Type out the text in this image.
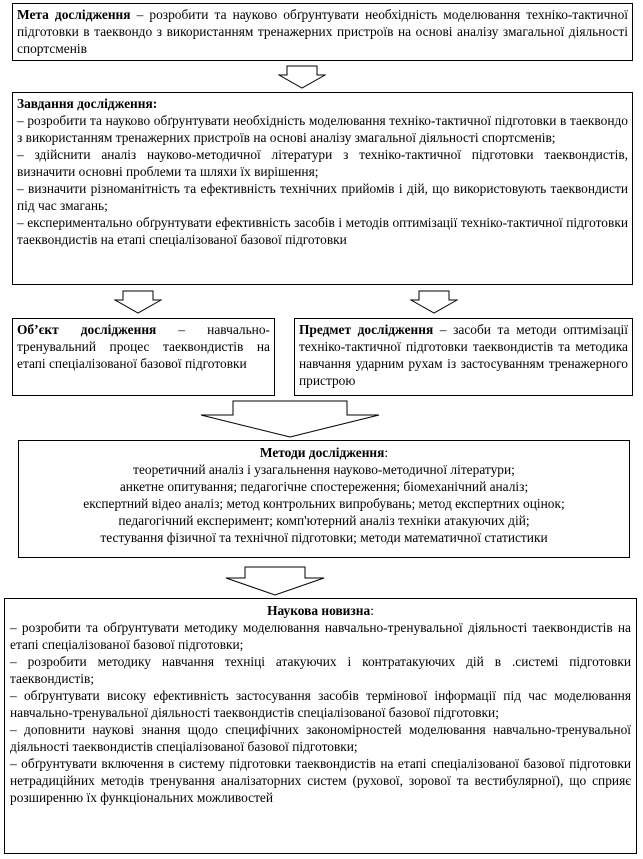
Мета дослідження – розробити та науково обґрунтувати необхідність моделювання техніко-тактичної підготовки в таеквондо з використанням тренажерних пристроїв на основі аналізу змагальної діяльності спортсменів
Завдання дослідження:
– розробити та науково обґрунтувати необхідність моделювання техніко-тактичної підготовки в таеквондо з використанням тренажерних пристроїв на основі аналізу змагальної діяльності спортсменів;
– здійснити аналіз науково-методичної літератури з техніко-тактичної підготовки таеквондистів, визначити основні проблеми та шляхи їх вирішення;
– визначити різноманітність та ефективність технічних прийомів і дій, що використовують таеквондисти під час змагань;
– експериментально обґрунтувати ефективність засобів і методів оптимізації техніко-тактичної підготовки таеквондистів на етапі спеціалізованої базової підготовки
Об’єкт дослідження – навчально-тренувальний процес таеквондистів на етапі спеціалізованої базової підготовки
Предмет дослідження – засоби та методи оптимізації техніко-тактичної підготовки таеквондистів та методика навчання ударним рухам із застосуванням тренажерного пристрою
Методи дослідження:
теоретичний аналіз і узагальнення науково-методичної літератури;
анкетне опитування; педагогічне спостереження; біомеханічний аналіз;
експертний відео аналіз; метод контрольних випробувань; метод експертних оцінок;
педагогічний експеримент; комп'ютерний аналіз техніки атакуючих дій;
тестування фізичної та технічної підготовки; методи математичної статистики
Наукова новизна:
– розробити та обґрунтувати методику моделювання навчально-тренувальної діяльності таеквондистів на етапі спеціалізованої базової підготовки;
– розробити методику навчання техніці атакуючих і контратакуючих дій в .системі підготовки таеквондистів;
– обґрунтувати високу ефективність застосування засобів термінової інформації під час моделювання навчально-тренувальної діяльності таеквондистів спеціалізованої базової підготовки;
– доповнити наукові знання щодо специфічних закономірностей моделювання навчально-тренувальної діяльності таеквондистів спеціалізованої базової підготовки;
– обґрунтувати включення в систему підготовки таеквондистів на етапі спеціалізованої базової підготовки нетрадиційних методів тренування аналізаторних систем (рухової, зорової та вестибулярної), що сприяє розширенню їх функціональних можливостей
